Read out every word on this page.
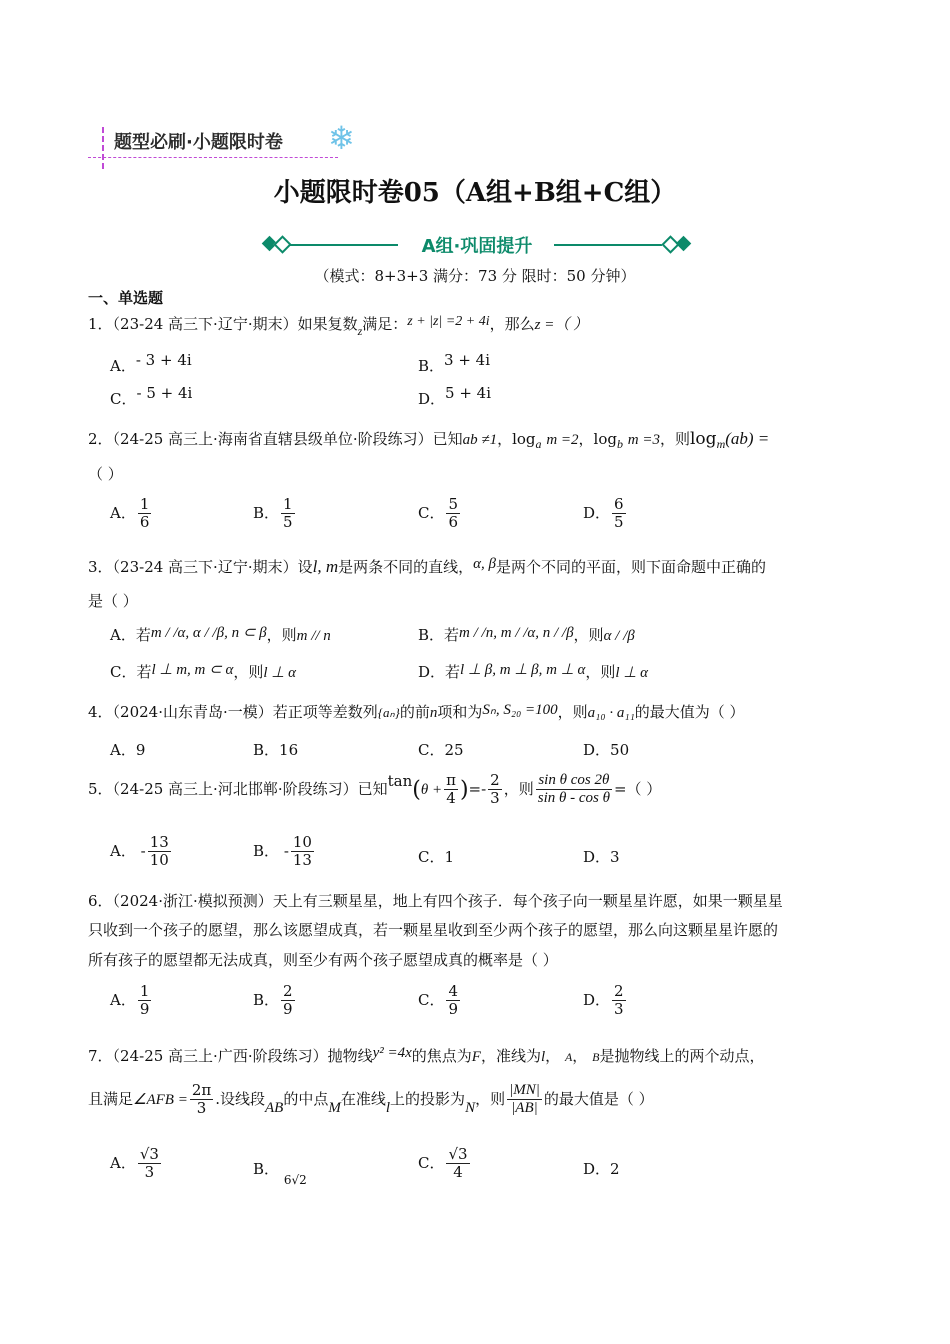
题型必刷·小题限时卷 ❄
小题限时卷05（A组+B组+C组）
A组·巩固提升
（模式：8+3+3 满分：73 分 限时：50 分钟）
一、单选题
1．（23-24 高三下·辽宁·期末）如果复数$_z$满足：z + |z| =2 + 4i，那么z =（ ）
A．- 3 + 4i	B．3 + 4i
C．- 5 + 4i	D．5 + 4i
2．（24-25 高三上·海南省直辖县级单位·阶段练习）已知ab ≠1，$\log_a m =2$，$\log_b m =3$，则$\log_m(ab)$ =
（ ）
A． $\frac{1}{6}$	B． $\frac{1}{5}$	C． $\frac{5}{6}$	D． $\frac{6}{5}$
3．（23-24 高三下·辽宁·期末）设l, m是两条不同的直线，α, β是两个不同的平面，则下面命题中正确的
是（ ）
A．若m / /α, α / /β, n ⊂ β，则m // n	B．若m / /n, m / /α, n / /β，则α / /β
C．若l ⊥ m, m ⊂ α，则l ⊥ α	D．若l ⊥ β, m ⊥ β, m ⊥ α，则l ⊥ α
4．（2024·山东青岛·一模）若正项等差数列{aₙ}的前n项和为Sₙ, S₂₀ =100，则a₁₀ · a₁₁的最大值为（ ）
A．9	B．16	C．25	D．50
5．（24-25 高三上·河北邯郸·阶段练习）已知$\tan(\theta + \frac{\pi}{4}$ )=- $\frac{2}{3}$ ，则 $\frac{\text{sin θ cos 2θ}}{\text{sin θ - cos θ}}$ =（ ）
A． - $\frac{13}{10}$	B． - $\frac{10}{13}$	C．1	D．3
6．（2024·浙江·模拟预测）天上有三颗星星，地上有四个孩子．每个孩子向一颗星星许愿，如果一颗星星
只收到一个孩子的愿望，那么该愿望成真，若一颗星星收到至少两个孩子的愿望，那么向这颗星星许愿的
所有孩子的愿望都无法成真，则至少有两个孩子愿望成真的概率是（ ）
A． $\frac{1}{9}$	B． $\frac{2}{9}$	C． $\frac{4}{9}$	D． $\frac{2}{3}$
7．（24-25 高三上·广西·阶段练习）抛物线y² =4x的焦点为F，准线为l， A， B是抛物线上的两个动点，
且满足∠AFB = $\frac{2\pi}{3}$ .设线段AB的中点M在准线l上的投影为N，则 $\frac{|MN|}{|AB|}$ 的最大值是（ ）
A． $\frac{√3}{3}$	B． $_{6√2}$
C． $\frac{√3}{4}$	D．2
